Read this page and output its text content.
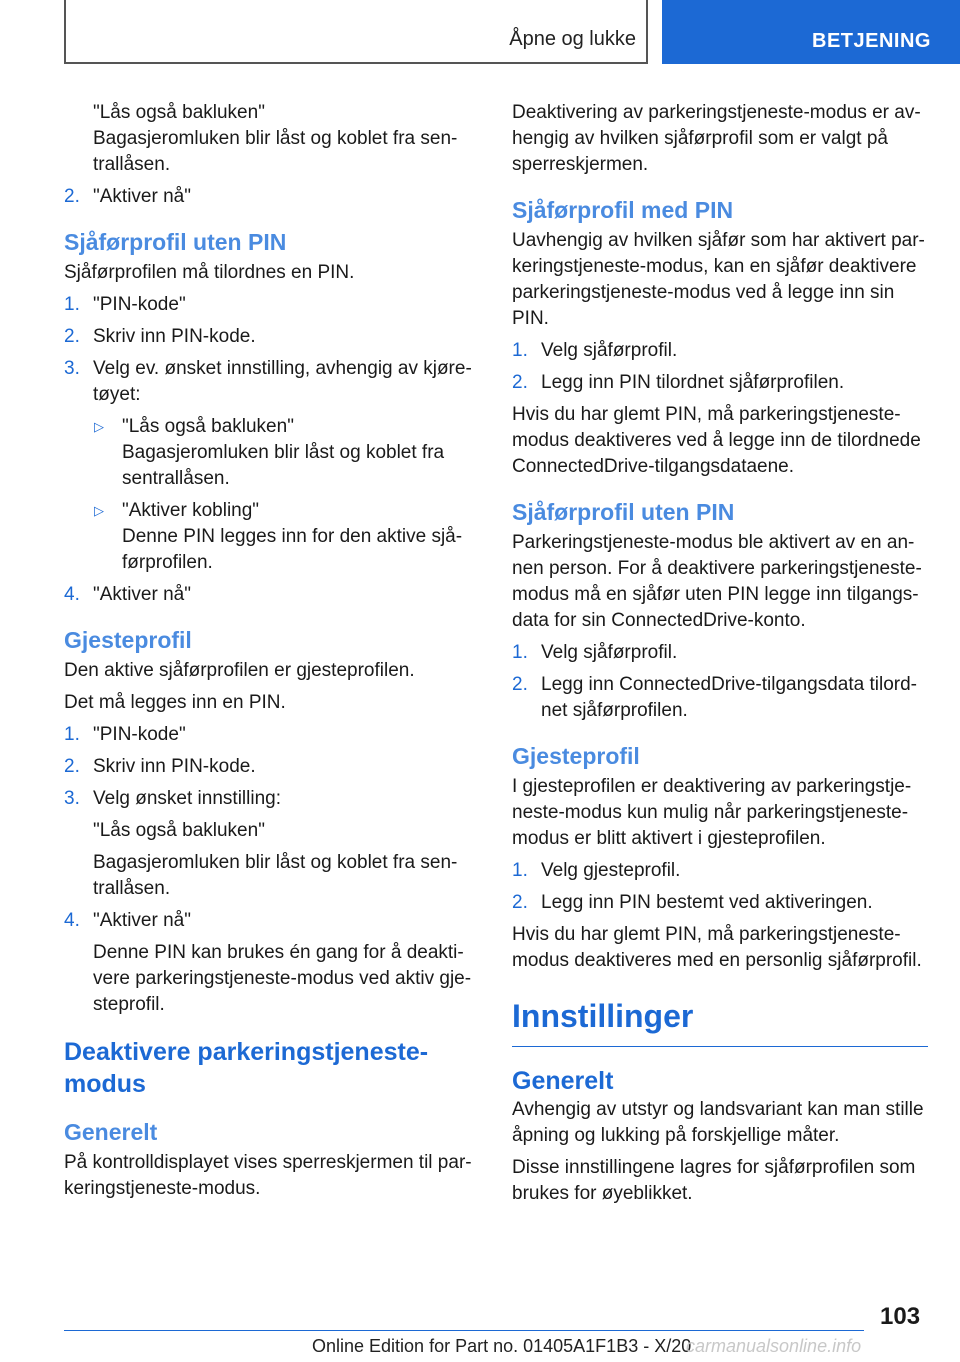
Åpne og lukke	BETJENING

"Lås også bakluken"

Bagasjeromluken blir låst og koblet fra sen-
trallåsen.

2. "Aktiver nå"
Sjåførprofil uten PIN

Sjåførprofilen må tilordnes en PIN.

1. "PIN-kode"
2. Skriv inn PIN-kode.
3. Velg ev. ønsket innstilling, avhengig av kjøre-
tøyet:

▷ "Lås også bakluken"

Bagasjeromluken blir låst og koblet fra
sentrallåsen.

▷ "Aktiver kobling"

Denne PIN legges inn for den aktive sjå-
førprofilen.

4. "Aktiver nå"
Gjesteprofil

Den aktive sjåførprofilen er gjesteprofilen.

Det må legges inn en PIN.

1. "PIN-kode"
2. Skriv inn PIN-kode.
3. Velg ønsket innstilling:

"Lås også bakluken"

Bagasjeromluken blir låst og koblet fra sen-
trallåsen.

4. "Aktiver nå"

Denne PIN kan brukes én gang for å deakti-
vere parkeringstjeneste-modus ved aktiv gje-
steprofil.

Deaktivere parkeringstjeneste-
modus
Generelt

På kontrolldisplayet vises sperreskjermen til par-
keringstjeneste-modus.

Deaktivering av parkeringstjeneste-modus er av-
hengig av hvilken sjåførprofil som er valgt på
sperreskjermen.

Sjåførprofil med PIN

Uavhengig av hvilken sjåfør som har aktivert par-
keringstjeneste-modus, kan en sjåfør deaktivere
parkeringstjeneste-modus ved å legge inn sin
PIN.

1. Velg sjåførprofil.
2. Legg inn PIN tilordnet sjåførprofilen.

Hvis du har glemt PIN, må parkeringstjeneste-
modus deaktiveres ved å legge inn de tilordnede
ConnectedDrive-tilgangsdataene.

Sjåførprofil uten PIN

Parkeringstjeneste-modus ble aktivert av en an-
nen person. For å deaktivere parkeringstjeneste-
modus må en sjåfør uten PIN legge inn tilgangs-
data for sin ConnectedDrive-konto.

1. Velg sjåførprofil.
2. Legg inn ConnectedDrive-tilgangsdata tilord-
net sjåførprofilen.

Gjesteprofil

I gjesteprofilen er deaktivering av parkeringstje-
neste-modus kun mulig når parkeringstjeneste-
modus er blitt aktivert i gjesteprofilen.

1. Velg gjesteprofil.
2. Legg inn PIN bestemt ved aktiveringen.

Hvis du har glemt PIN, må parkeringstjeneste-
modus deaktiveres med en personlig sjåførprofil.

Innstillinger
Generelt

Avhengig av utstyr og landsvariant kan man stille
åpning og lukking på forskjellige måter.

Disse innstillingene lagres for sjåførprofilen som
brukes for øyeblikket.

103
Online Edition for Part no. 01405A1F1B3 - X/20
carmanualsonline.info
